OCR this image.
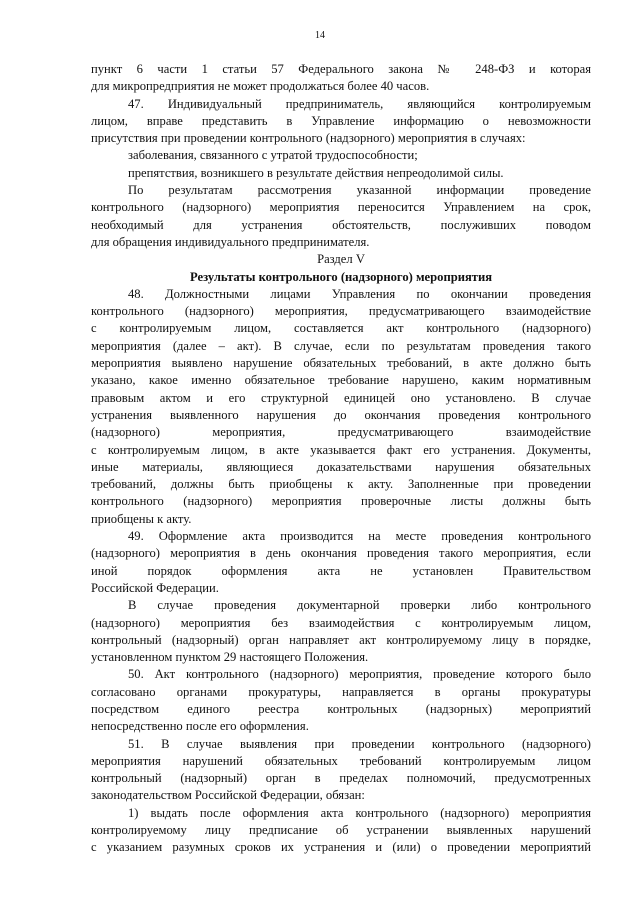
14
пункт 6 части 1 статьи 57 Федерального закона № 248-ФЗ и которая
для микропредприятия не может продолжаться более 40 часов.
47. Индивидуальный предприниматель, являющийся контролируемым
лицом, вправе представить в Управление информацию о невозможности
присутствия при проведении контрольного (надзорного) мероприятия в случаях:
заболевания, связанного с утратой трудоспособности;
препятствия, возникшего в результате действия непреодолимой силы.
По результатам рассмотрения указанной информации проведение
контрольного (надзорного) мероприятия переносится Управлением на срок,
необходимый для устранения обстоятельств, послуживших поводом
для обращения индивидуального предпринимателя.

Раздел V

Результаты контрольного (надзорного) мероприятия

48. Должностными лицами Управления по окончании проведения
контрольного (надзорного) мероприятия, предусматривающего взаимодействие
с контролируемым лицом, составляется акт контрольного (надзорного)
мероприятия (далее – акт). В случае, если по результатам проведения такого
мероприятия выявлено нарушение обязательных требований, в акте должно быть
указано, какое именно обязательное требование нарушено, каким нормативным
правовым актом и его структурной единицей оно установлено. В случае
устранения выявленного нарушения до окончания проведения контрольного
(надзорного) мероприятия, предусматривающего взаимодействие
с контролируемым лицом, в акте указывается факт его устранения. Документы,
иные материалы, являющиеся доказательствами нарушения обязательных
требований, должны быть приобщены к акту. Заполненные при проведении
контрольного (надзорного) мероприятия проверочные листы должны быть
приобщены к акту.
49. Оформление акта производится на месте проведения контрольного
(надзорного) мероприятия в день окончания проведения такого мероприятия, если
иной порядок оформления акта не установлен Правительством
Российской Федерации.
В случае проведения документарной проверки либо контрольного
(надзорного) мероприятия без взаимодействия с контролируемым лицом,
контрольный (надзорный) орган направляет акт контролируемому лицу в порядке,
установленном пунктом 29 настоящего Положения.
50. Акт контрольного (надзорного) мероприятия, проведение которого было
согласовано органами прокуратуры, направляется в органы прокуратуры
посредством единого реестра контрольных (надзорных) мероприятий
непосредственно после его оформления.
51. В случае выявления при проведении контрольного (надзорного)
мероприятия нарушений обязательных требований контролируемым лицом
контрольный (надзорный) орган в пределах полномочий, предусмотренных
законодательством Российской Федерации, обязан:
1) выдать после оформления акта контрольного (надзорного) мероприятия
контролируемому лицу предписание об устранении выявленных нарушений
с указанием разумных сроков их устранения и (или) о проведении мероприятий
